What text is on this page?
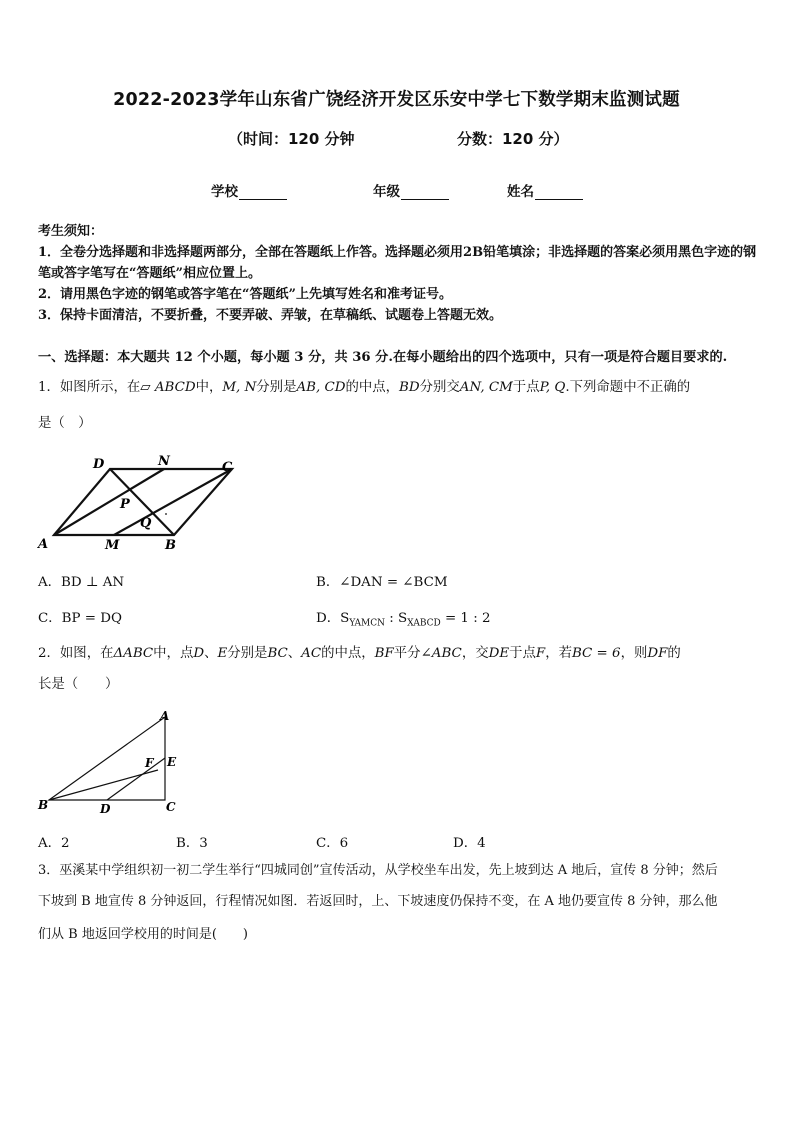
2022-2023学年山东省广饶经济开发区乐安中学七下数学期末监测试题
（时间：120 分钟	分数：120 分）
学校	年级	姓名
考生须知：
1．全卷分选择题和非选择题两部分，全部在答题纸上作答。选择题必须用2B铅笔填涂；非选择题的答案必须用黑色字迹的钢笔或答字笔写在“答题纸”相应位置上。
2．请用黑色字迹的钢笔或答字笔在“答题纸”上先填写姓名和准考证号。
3．保持卡面清洁，不要折叠，不要弄破、弄皱，在草稿纸、试题卷上答题无效。
一、选择题：本大题共 12 个小题，每小题 3 分，共 36 分.在每小题给出的四个选项中，只有一项是符合题目要求的.
1．如图所示，在▱ ABCD中，M, N分别是AB, CD的中点，BD分别交AN, CM于点P, Q.下列命题中不正确的
是（　）
D	N	C
P
Q
A	M	B
A．BD ⊥ AN	B．∠DAN = ∠BCM
C．BP = DQ	D．$S_{YAMCN}$ : $S_{XABCD} = 1$ : 2
2．如图，在ΔABC中，点D、E分别是BC、AC的中点，BF平分∠ABC，交DE于点F，若BC = 6，则DF的
长是（　　）
A
F E
B	D	C
A．2	B．3	C．6	D．4
3．巫溪某中学组织初一初二学生举行“四城同创”宣传活动，从学校坐车出发，先上坡到达 A 地后，宣传 8 分钟；然后
下坡到 B 地宣传 8 分钟返回，行程情况如图．若返回时，上、下坡速度仍保持不变，在 A 地仍要宣传 8 分钟，那么他
们从 B 地返回学校用的时间是(　　)
